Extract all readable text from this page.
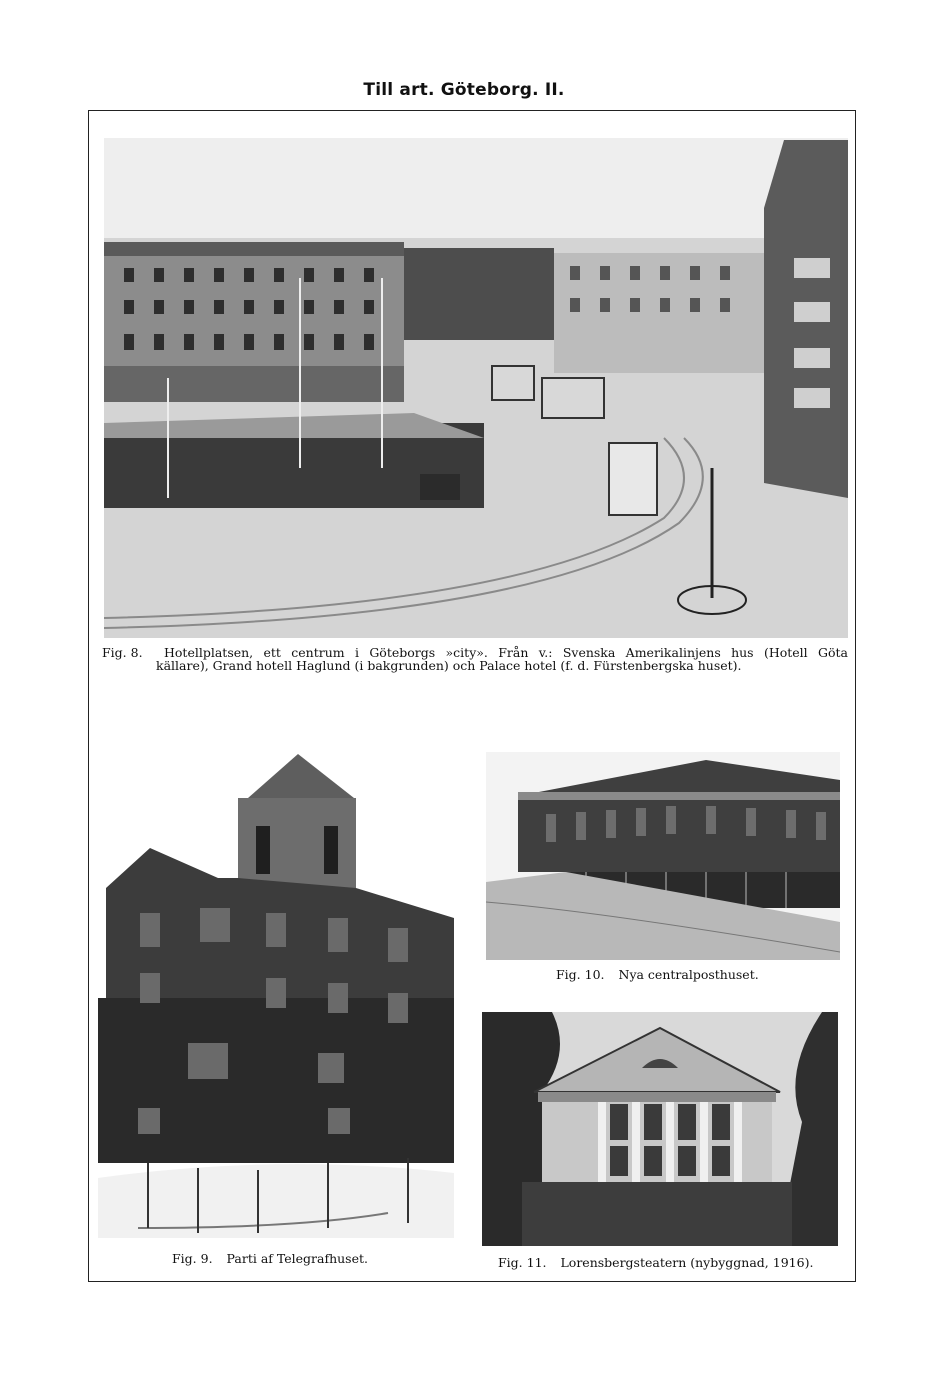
Till art. Göteborg. II.
Fig. 8. Hotellplatsen, ett centrum i Göteborgs »city». Från v.: Svenska Amerikalinjens hus (Hotell Göta
källare), Grand hotell Haglund (i bakgrunden) och Palace hotel (f. d. Fürstenbergska huset).
Fig. 9. Parti af Telegrafhuset.
Fig. 10. Nya centralposthuset.
Fig. 11. Lorensbergsteatern (nybyggnad, 1916).
